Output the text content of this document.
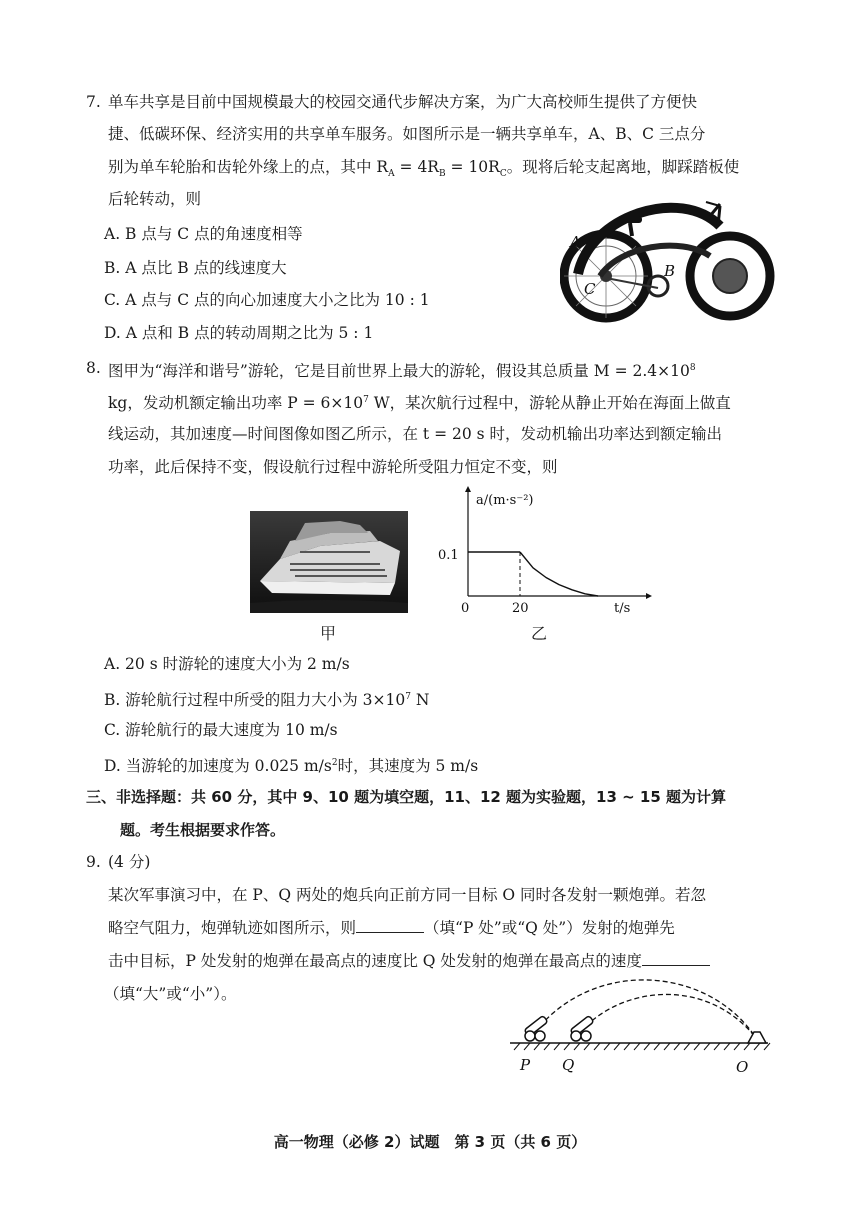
7. 单车共享是目前中国规模最大的校园交通代步解决方案，为广大高校师生提供了方便快
捷、低碳环保、经济实用的共享单车服务。如图所示是一辆共享单车，A、B、C 三点分
别为单车轮胎和齿轮外缘上的点，其中 $R_A = 4R_B = 10R_C$。现将后轮支起离地，脚踩踏板使
后轮转动，则
A. B 点与 C 点的角速度相等
B. A 点比 B 点的线速度大
C. A 点与 C 点的向心加速度大小之比为 10 : 1
D. A 点和 B 点的转动周期之比为 5 : 1
A
B
C
8. 图甲为“海洋和谐号”游轮，它是目前世界上最大的游轮，假设其总质量 $M = 2.4\times 10^8$
kg，发动机额定输出功率 $P = 6\times 10^7$ W，某次航行过程中，游轮从静止开始在海面上做直
线运动，其加速度—时间图像如图乙所示，在 t = 20 s 时，发动机输出功率达到额定输出
功率，此后保持不变，假设航行过程中游轮所受阻力恒定不变，则
甲
a/(m·s⁻²)
t/s
0	20
0.1
乙
A. 20 s 时游轮的速度大小为 2 m/s
B. 游轮航行过程中所受的阻力大小为 $3\times 10^7$ N
C. 游轮航行的最大速度为 10 m/s
D. 当游轮的加速度为 0.025 $m/s^2$时，其速度为 5 m/s
三、非选择题：共 60 分，其中 9、10 题为填空题，11、12 题为实验题，13 ~ 15 题为计算
题。考生根据要求作答。
9. (4 分)
某次军事演习中，在 P、Q 两处的炮兵向正前方同一目标 O 同时各发射一颗炮弹。若忽
略空气阻力，炮弹轨迹如图所示，则	（填“P 处”或“Q 处”）发射的炮弹先
击中目标，P 处发射的炮弹在最高点的速度比 Q 处发射的炮弹在最高点的速度
（填“大”或“小”）。
P Q	O
高一物理（必修 2）试题　第 3 页（共 6 页）
